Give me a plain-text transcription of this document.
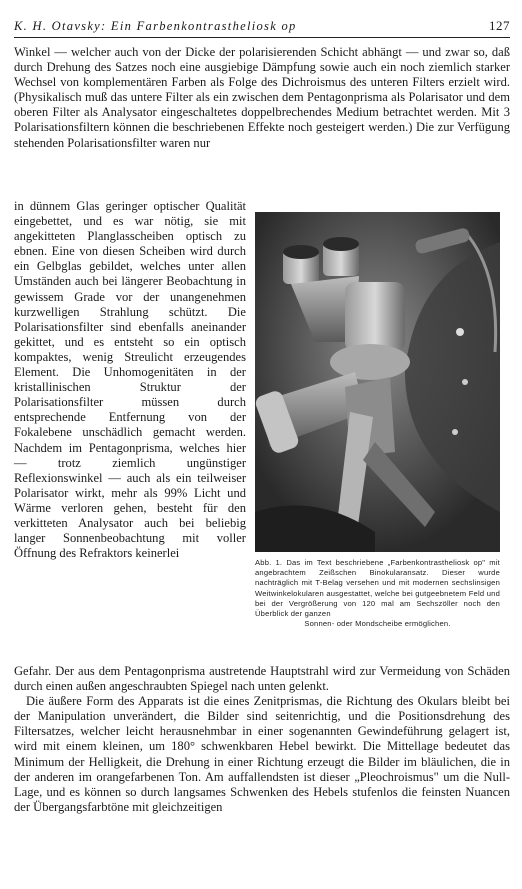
K. H. Otavsky: Ein Farbenkontrastheliosk op	127

Winkel — welcher auch von der Dicke der polarisierenden Schicht abhängt — und zwar so, daß durch Drehung des Satzes noch eine ausgiebige Dämpfung sowie auch ein noch ziemlich starker Wechsel von komplementären Farben als Folge des Dichroismus des unteren Filters erzielt wird. (Physikalisch muß das untere Filter als ein zwischen dem Pentagonprisma als Polarisator und dem oberen Filter als Analysator eingeschaltetes doppelbrechendes Medium betrachtet werden. Mit 3 Polarisationsfiltern können die beschriebenen Effekte noch gesteigert werden.) Die zur Verfügung stehenden Polarisationsfilter waren nur

in dünnem Glas geringer optischer Qualität eingebettet, und es war nötig, sie mit angekitteten Planglasscheiben optisch zu ebnen. Eine von diesen Scheiben wird durch ein Gelbglas gebildet, welches unter allen Umständen auch bei längerer Beobachtung in gewissem Grade vor der unangenehmen kurzwelligen Strahlung schützt. Die Polarisationsfilter sind ebenfalls aneinander gekittet, und es entsteht so ein optisch kompaktes, wenig Streulicht erzeugendes Element. Die Unhomogenitäten in der kristallinischen Struktur der Polarisationsfilter müssen durch entsprechende Entfernung von der Fokalebene unschädlich gemacht werden. Nachdem im Pentagonprisma, welches hier — trotz ziemlich ungünstiger Reflexionswinkel — auch als ein teilweiser Polarisator wirkt, mehr als 99% Licht und Wärme verloren gehen, besteht für den verkitteten Analysator auch bei beliebig langer Sonnenbeobachtung mit voller Öffnung des Refraktors keinerlei

Abb. 1. Das im Text beschriebene „Farbenkontrastheliosk op" mit angebrachtem Zeißschen Binokularansatz. Dieser wurde nachträglich mit T-Belag versehen und mit modernen sechslinsigen Weitwinkelokularen ausgestattet, welche bei gutgeebnetem Feld und bei der Vergrößerung von 120 mal am Sechszöller noch den Überblick der ganzen
Sonnen- oder Mondscheibe ermöglichen.

Gefahr. Der aus dem Pentagonprisma austretende Hauptstrahl wird zur Vermeidung von Schäden durch einen außen angeschraubten Spiegel nach unten gelenkt.

Die äußere Form des Apparats ist die eines Zenitprismas, die Richtung des Okulars bleibt bei der Manipulation unverändert, die Bilder sind seitenrichtig, und die Positionsdrehung des Filtersatzes, welcher leicht herausnehmbar in einer sogenannten Gewindeführung gelagert ist, wird mit einem kleinen, um 180° schwenkbaren Hebel bewirkt. Die Mittellage bedeutet das Minimum der Helligkeit, die Drehung in einer Richtung erzeugt die Bilder im bläulichen, die in der anderen im orangefarbenen Ton. Am auffallendsten ist dieser „Pleochroismus" um die Null-Lage, und es können so durch langsames Schwenken des Hebels stufenlos die feinsten Nuancen der Übergangsfarbtöne mit gleichzeitigen
